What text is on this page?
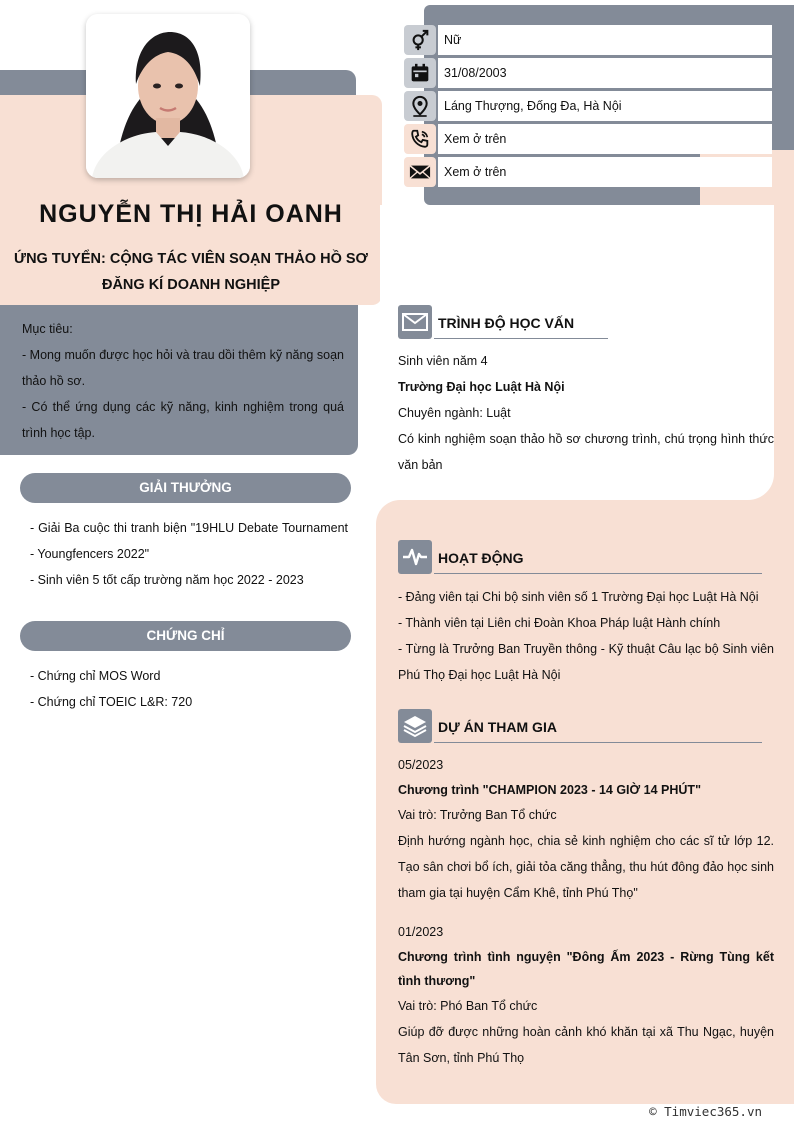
NGUYỄN THỊ HẢI OANH
ỨNG TUYỂN: CỘNG TÁC VIÊN SOẠN THẢO HỒ SƠ
ĐĂNG KÍ DOANH NGHIỆP
Mục tiêu:
- Mong muốn được học hỏi và trau dồi thêm kỹ năng soạn thảo hồ sơ.
- Có thể ứng dụng các kỹ năng, kinh nghiệm trong quá trình học tập.
Nữ
31/08/2003
Láng Thượng, Đống Đa, Hà Nội
Xem ở trên
Xem ở trên
GIẢI THƯỞNG
- Giải Ba cuộc thi tranh biện "19HLU Debate Tournament - Youngfencers 2022"
- Sinh viên 5 tốt cấp trường năm học 2022 - 2023
CHỨNG CHỈ
- Chứng chỉ MOS Word
- Chứng chỉ TOEIC L&R: 720
TRÌNH ĐỘ HỌC VẤN
Sinh viên năm 4
Trường Đại học Luật Hà Nội
Chuyên ngành: Luật
Có kinh nghiệm soạn thảo hồ sơ chương trình, chú trọng hình thức văn bản
HOẠT ĐỘNG
- Đảng viên tại Chi bộ sinh viên số 1 Trường Đại học Luật Hà Nội
- Thành viên tại Liên chi Đoàn Khoa Pháp luật Hành chính
- Từng là Trưởng Ban Truyền thông - Kỹ thuật Câu lạc bộ Sinh viên Phú Thọ Đại học Luật Hà Nội
DỰ ÁN THAM GIA
05/2023
Chương trình "CHAMPION 2023 - 14 GIỜ 14 PHÚT"
Vai trò: Trưởng Ban Tổ chức
Định hướng ngành học, chia sẻ kinh nghiệm cho các sĩ tử lớp 12. Tạo sân chơi bổ ích, giải tỏa căng thẳng, thu hút đông đảo học sinh tham gia tại huyện Cẩm Khê, tỉnh Phú Thọ"
01/2023
Chương trình tình nguyện "Đông Ấm 2023 - Rừng Tùng kết tình thương"
Vai trò: Phó Ban Tổ chức
Giúp đỡ được những hoàn cảnh khó khăn tại xã Thu Ngạc, huyện Tân Sơn, tỉnh Phú Thọ
© Timviec365.vn
